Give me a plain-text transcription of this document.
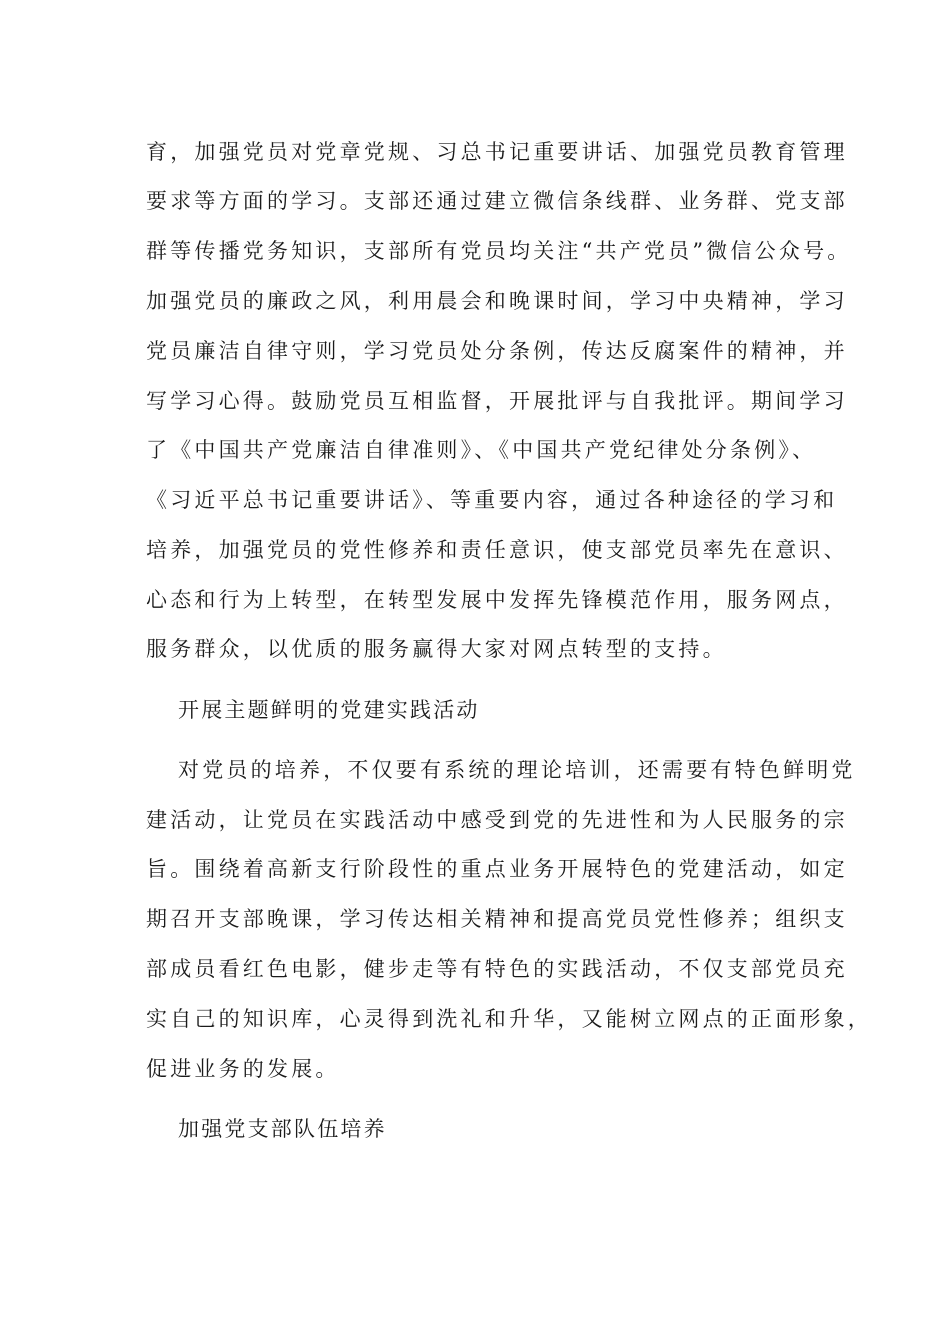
育，加强党员对党章党规、习总书记重要讲话、加强党员教育管理
要求等方面的学习。支部还通过建立微信条线群、业务群、党支部
群等传播党务知识，支部所有党员均关注“共产党员”微信公众号。
加强党员的廉政之风，利用晨会和晚课时间，学习中央精神，学习
党员廉洁自律守则，学习党员处分条例，传达反腐案件的精神，并
写学习心得。鼓励党员互相监督，开展批评与自我批评。期间学习
了《中国共产党廉洁自律准则》、《中国共产党纪律处分条例》、
《习近平总书记重要讲话》、等重要内容，通过各种途径的学习和
培养，加强党员的党性修养和责任意识，使支部党员率先在意识、
心态和行为上转型，在转型发展中发挥先锋模范作用，服务网点，
服务群众，以优质的服务赢得大家对网点转型的支持。
开展主题鲜明的党建实践活动
对党员的培养，不仅要有系统的理论培训，还需要有特色鲜明党
建活动，让党员在实践活动中感受到党的先进性和为人民服务的宗
旨。围绕着高新支行阶段性的重点业务开展特色的党建活动，如定
期召开支部晚课，学习传达相关精神和提高党员党性修养；组织支
部成员看红色电影，健步走等有特色的实践活动，不仅支部党员充
实自己的知识库，心灵得到洗礼和升华，又能树立网点的正面形象，
促进业务的发展。
加强党支部队伍培养
